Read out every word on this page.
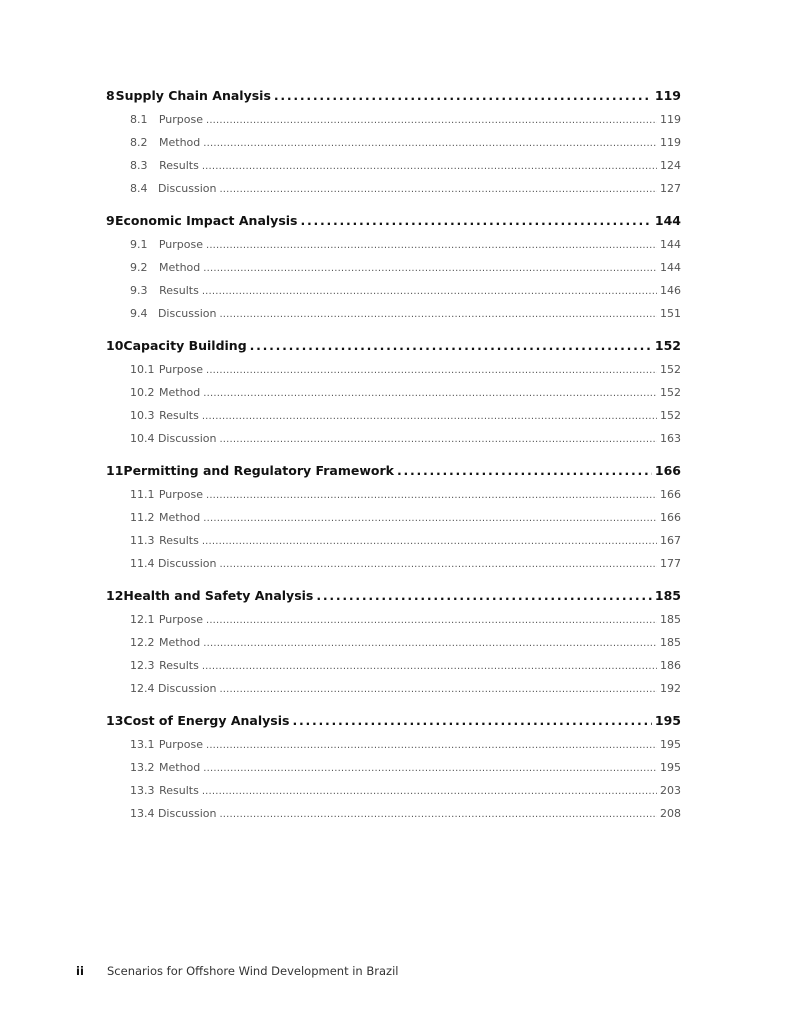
8 Supply Chain Analysis . . .	119
8.1	Purpose . . .	119
8.2	Method . . .	119
8.3	Results . . .	124
8.4 Discussion . . .	127
9 Economic Impact Analysis . . .	144
9.1	Purpose . . .	144
9.2	Method . . .	144
9.3	Results . . .	146
9.4 Discussion . . .	151
10 Capacity Building . . .	152
10.1 Purpose . . .	152
10.2 Method . . .	152
10.3 Results . . .	152
10.4 Discussion . . .	163
11 Permitting and Regulatory Framework . . .	166
11.1 Purpose . . .	166
11.2 Method . . .	166
11.3 Results . . .	167
11.4 Discussion . . .	177
12 Health and Safety Analysis . . .	185
12.1 Purpose . . .	185
12.2 Method . . .	185
12.3 Results . . .	186
12.4 Discussion . . .	192
13 Cost of Energy Analysis . . .	195
13.1 Purpose . . .	195
13.2 Method . . .	195
13.3 Results . . .	203
13.4 Discussion . . .	208
ii	Scenarios for Offshore Wind Development in Brazil
